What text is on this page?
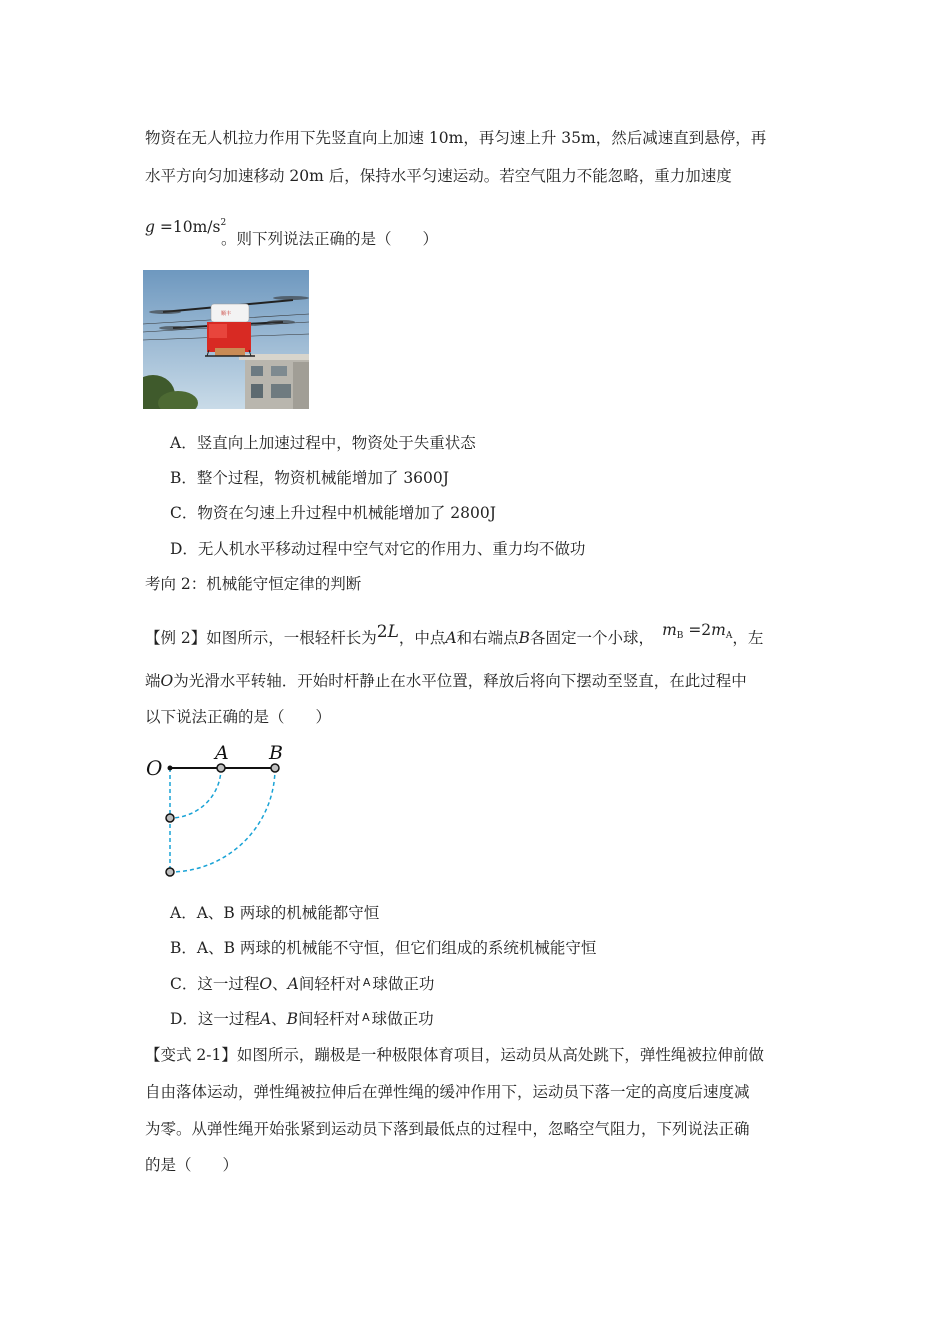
物资在无人机拉力作用下先竖直向上加速 10m，再匀速上升 35m，然后减速直到悬停，再
水平方向匀加速移动 20m 后，保持水平匀速运动。若空气阻力不能忽略，重力加速度
$g =10m/s^2$
。则下列说法正确的是（　　）
顺丰
A．竖直向上加速过程中，物资处于失重状态
B．整个过程，物资机械能增加了 3600J
C．物资在匀速上升过程中机械能增加了 2800J
D．无人机水平移动过程中空气对它的作用力、重力均不做功
考向 2：机械能守恒定律的判断
【例 2】如图所示，一根轻杆长为2L，中点A和右端点B各固定一个小球， $m_B =2m_A$，左
端O为光滑水平转轴．开始时杆静止在水平位置，释放后将向下摆动至竖直，在此过程中
以下说法正确的是（　　）
O
A B
A．A、B 两球的机械能都守恒
B．A、B 两球的机械能不守恒，但它们组成的系统机械能守恒
C．这一过程O、A间轻杆对 A 球做正功
D．这一过程A、B间轻杆对 A 球做正功
【变式 2-1】如图所示，蹦极是一种极限体育项目，运动员从高处跳下，弹性绳被拉伸前做
自由落体运动，弹性绳被拉伸后在弹性绳的缓冲作用下，运动员下落一定的高度后速度减
为零。从弹性绳开始张紧到运动员下落到最低点的过程中，忽略空气阻力，下列说法正确
的是（　　）
